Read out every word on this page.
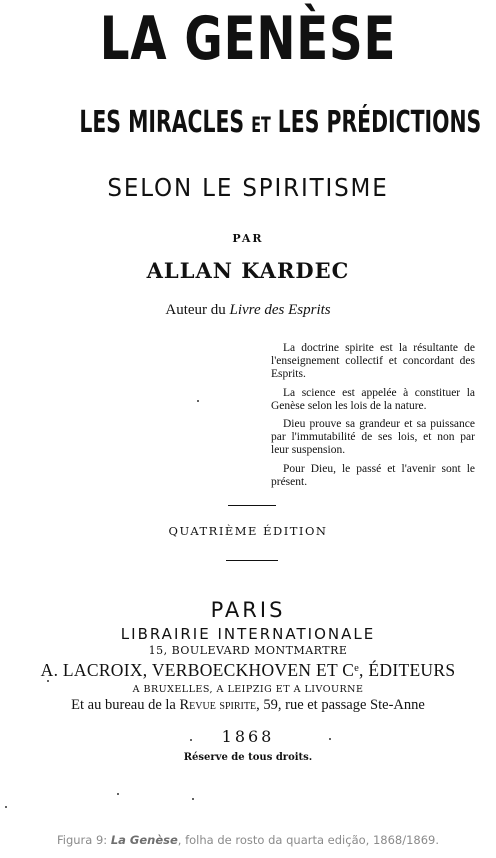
LA GENÈSE
LES MIRACLES ET LES PRÉDICTIONS
SELON LE SPIRITISME
PAR
ALLAN KARDEC
Auteur du Livre des Esprits

La doctrine spirite est la résultante de l'enseignement collectif et concordant des Esprits.

La science est appelée à constituer la Genèse selon les lois de la nature.

Dieu prouve sa grandeur et sa puissance par l'immutabilité de ses lois, et non par leur suspension.

Pour Dieu, le passé et l'avenir sont le présent.

QUATRIÈME ÉDITION
PARIS
LIBRAIRIE INTERNATIONALE
15, BOULEVARD MONTMARTRE
A. LACROIX, VERBOECKHOVEN ET Cᵉ, ÉDITEURS
A BRUXELLES, A LEIPZIG ET A LIVOURNE
Et au bureau de la Revue spirite, 59, rue et passage Ste-Anne
1868
Réserve de tous droits.
Figura 9: La Genèse, folha de rosto da quarta edição, 1868/1869.
